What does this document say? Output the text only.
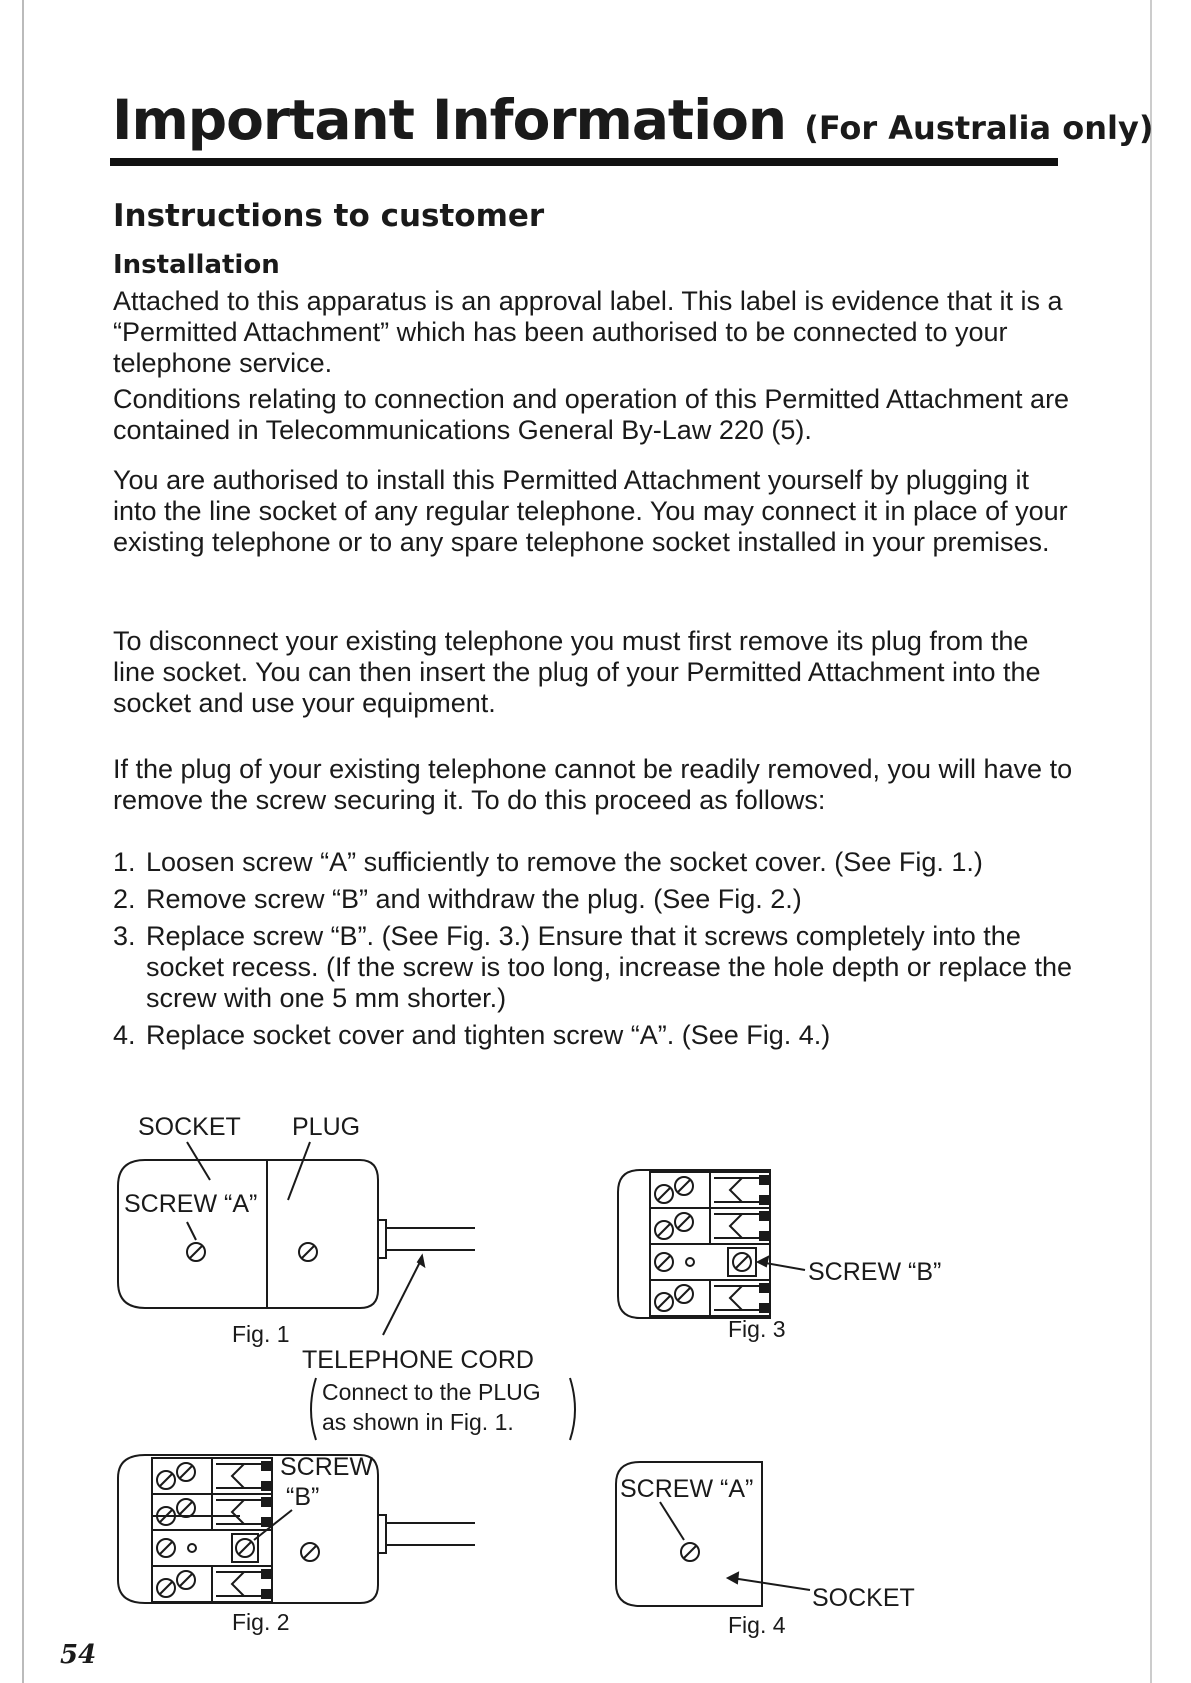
Important Information (For Australia only)
Instructions to customer
Installation

Attached to this apparatus is an approval label. This label is evidence that it is a “Permitted Attachment” which has been authorised to be connected to your telephone service.

Conditions relating to connection and operation of this Permitted Attachment are contained in Telecommunications General By-Law 220 (5).

You are authorised to install this Permitted Attachment yourself by plugging it into the line socket of any regular telephone. You may connect it in place of your existing telephone or to any spare telephone socket installed in your premises.

To disconnect your existing telephone you must first remove its plug from the line socket. You can then insert the plug of your Permitted Attachment into the socket and use your equipment.

If the plug of your existing telephone cannot be readily removed, you will have to remove the screw securing it. To do this proceed as follows:

1. Loosen screw “A” sufficiently to remove the socket cover. (See Fig. 1.)
2. Remove screw “B” and withdraw the plug. (See Fig. 2.)
3. Replace screw “B”. (See Fig. 3.) Ensure that it screws completely into the socket recess. (If the screw is too long, increase the hole depth or replace the screw with one 5 mm shorter.)
4. Replace socket cover and tighten screw “A”. (See Fig. 4.)
SOCKET PLUG
SCREW “A”
Fig. 1
TELEPHONE CORD
Connect to the PLUG
as shown in Fig. 1.
SCREW “B”
Fig. 3
SCREW
“B”
Fig. 2
SCREW “A”
SOCKET
Fig. 4
54
